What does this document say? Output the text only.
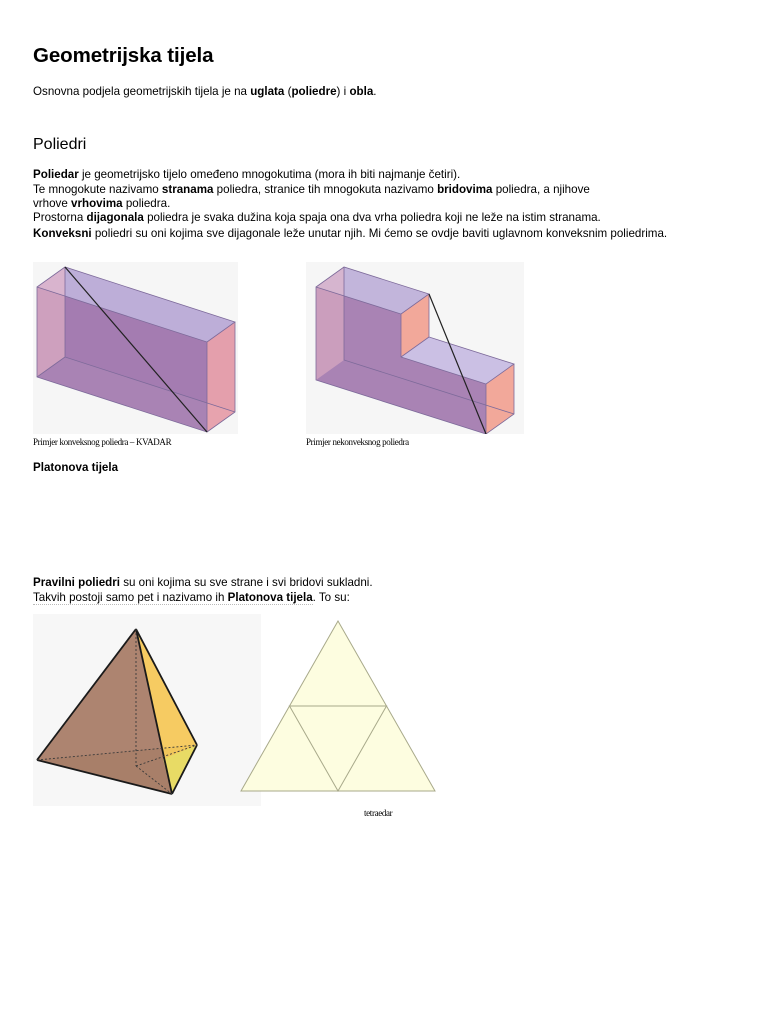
Geometrijska tijela

Osnovna podjela geometrijskih tijela je na uglata (poliedre) i obla.

Poliedri

Poliedar je geometrijsko tijelo omeđeno mnogokutima (mora ih biti najmanje četiri).

Te mnogokute nazivamo stranama poliedra, stranice tih mnogokuta nazivamo bridovima poliedra, a njihove

vrhove vrhovima poliedra.

Prostorna dijagonala poliedra je svaka dužina koja spaja ona dva vrha poliedra koji ne leže na istim stranama.

Konveksni poliedri su oni kojima sve dijagonale leže unutar njih. Mi ćemo se ovdje baviti uglavnom konveksnim poliedrima.

Primjer konveksnog poliedra – KVADAR	Primjer nekonveksnog poliedra

Platonova tijela

Pravilni poliedri su oni kojima su sve strane i svi bridovi sukladni.

Takvih postoji samo pet i nazivamo ih Platonova tijela. To su:

tetraedar
